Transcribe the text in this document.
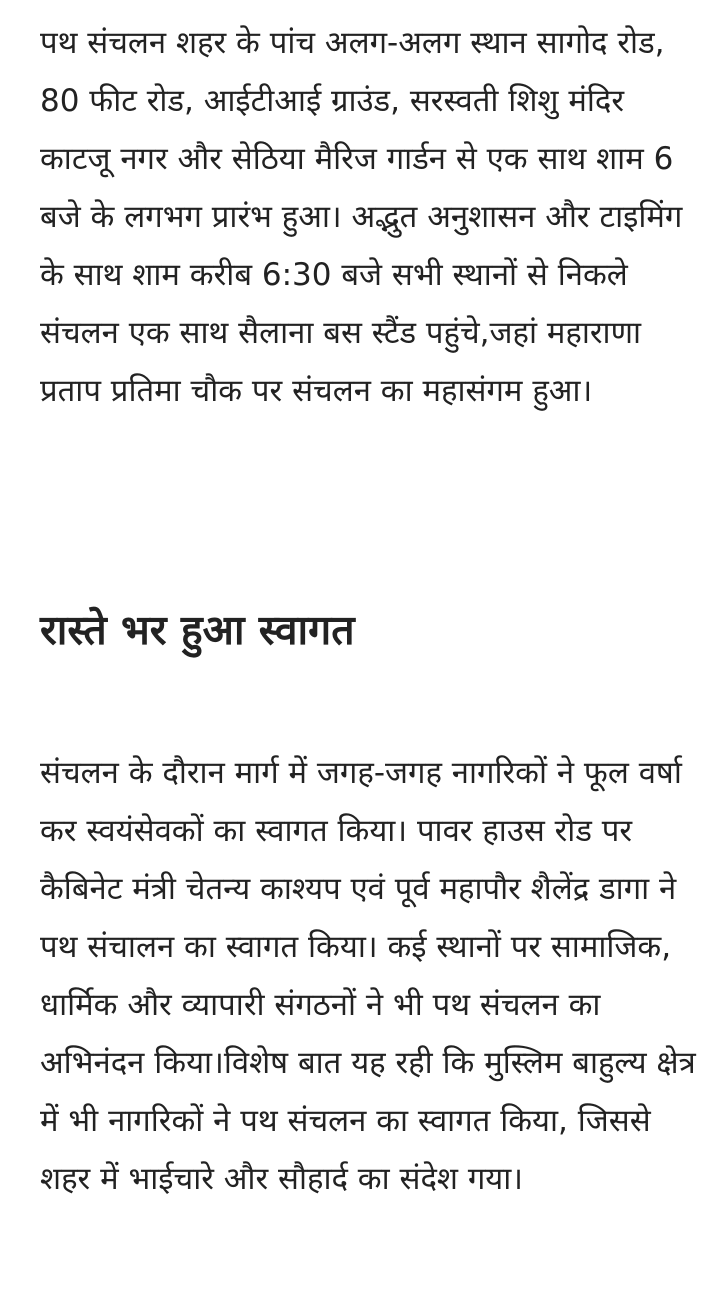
पथ संचलन शहर के पांच अलग-अलग स्थान सागोद रोड, 80 फीट रोड, आईटीआई ग्राउंड, सरस्वती शिशु मंदिर काटजू नगर और सेठिया मैरिज गार्डन से एक साथ शाम 6 बजे के लगभग प्रारंभ हुआ। अद्भुत अनुशासन और टाइमिंग के साथ शाम करीब 6:30 बजे सभी स्थानों से निकले संचलन एक साथ सैलाना बस स्टैंड पहुंचे,जहां महाराणा प्रताप प्रतिमा चौक पर संचलन का महासंगम हुआ।

रास्ते भर हुआ स्वागत

संचलन के दौरान मार्ग में जगह-जगह नागरिकों ने फूल वर्षा कर स्वयंसेवकों का स्वागत किया। पावर हाउस रोड पर कैबिनेट मंत्री चेतन्य काश्यप एवं पूर्व महापौर शैलेंद्र डागा ने पथ संचालन का स्वागत किया। कई स्थानों पर सामाजिक, धार्मिक और व्यापारी संगठनों ने भी पथ संचलन का अभिनंदन किया।विशेष बात यह रही कि मुस्लिम बाहुल्य क्षेत्र में भी नागरिकों ने पथ संचलन का स्वागत किया, जिससे शहर में भाईचारे और सौहार्द का संदेश गया।
